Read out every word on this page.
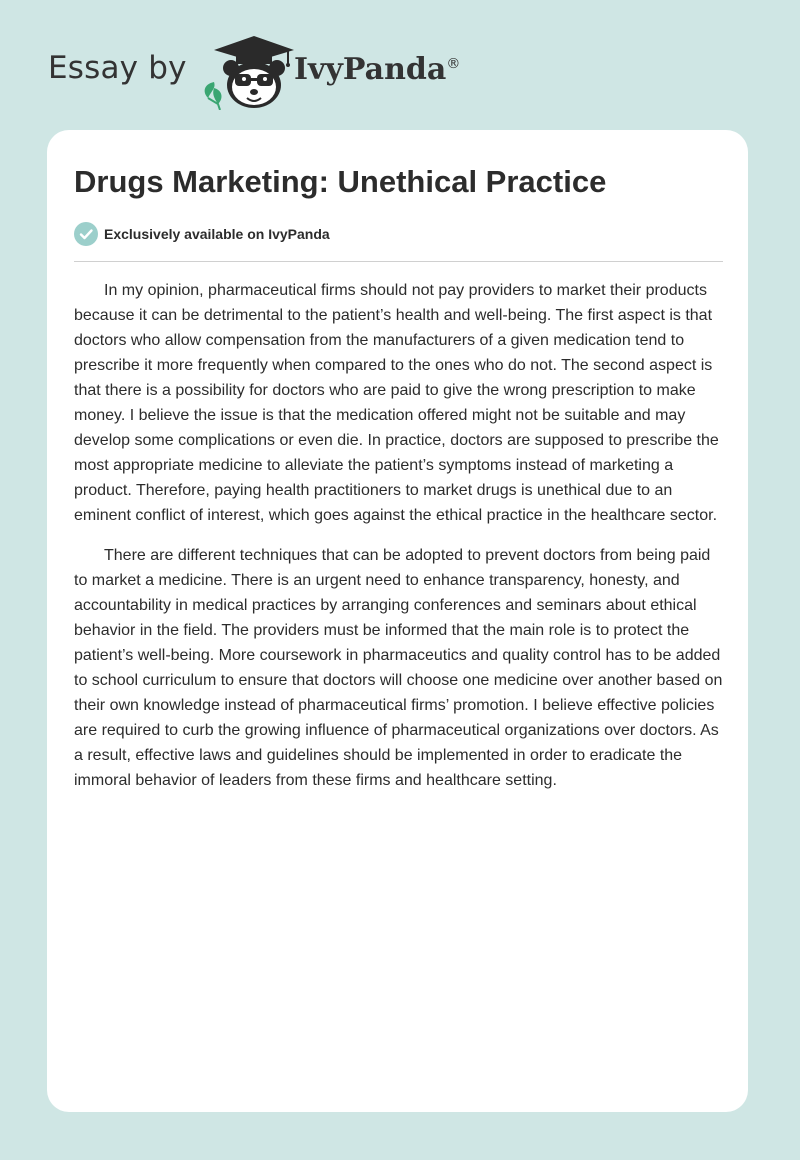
Essay by	IvyPanda®
Drugs Marketing: Unethical Practice
Exclusively available on IvyPanda

In my opinion, pharmaceutical firms should not pay providers to market their products because it can be detrimental to the patient’s health and well-being. The first aspect is that doctors who allow compensation from the manufacturers of a given medication tend to prescribe it more frequently when compared to the ones who do not. The second aspect is that there is a possibility for doctors who are paid to give the wrong prescription to make money. I believe the issue is that the medication offered might not be suitable and may develop some complications or even die. In practice, doctors are supposed to prescribe the most appropriate medicine to alleviate the patient’s symptoms instead of marketing a product. Therefore, paying health practitioners to market drugs is unethical due to an eminent conflict of interest, which goes against the ethical practice in the healthcare sector.

There are different techniques that can be adopted to prevent doctors from being paid to market a medicine. There is an urgent need to enhance transparency, honesty, and accountability in medical practices by arranging conferences and seminars about ethical behavior in the field. The providers must be informed that the main role is to protect the patient’s well-being. More coursework in pharmaceutics and quality control has to be added to school curriculum to ensure that doctors will choose one medicine over another based on their own knowledge instead of pharmaceutical firms’ promotion. I believe effective policies are required to curb the growing influence of pharmaceutical organizations over doctors. As a result, effective laws and guidelines should be implemented in order to eradicate the immoral behavior of leaders from these firms and healthcare setting.
